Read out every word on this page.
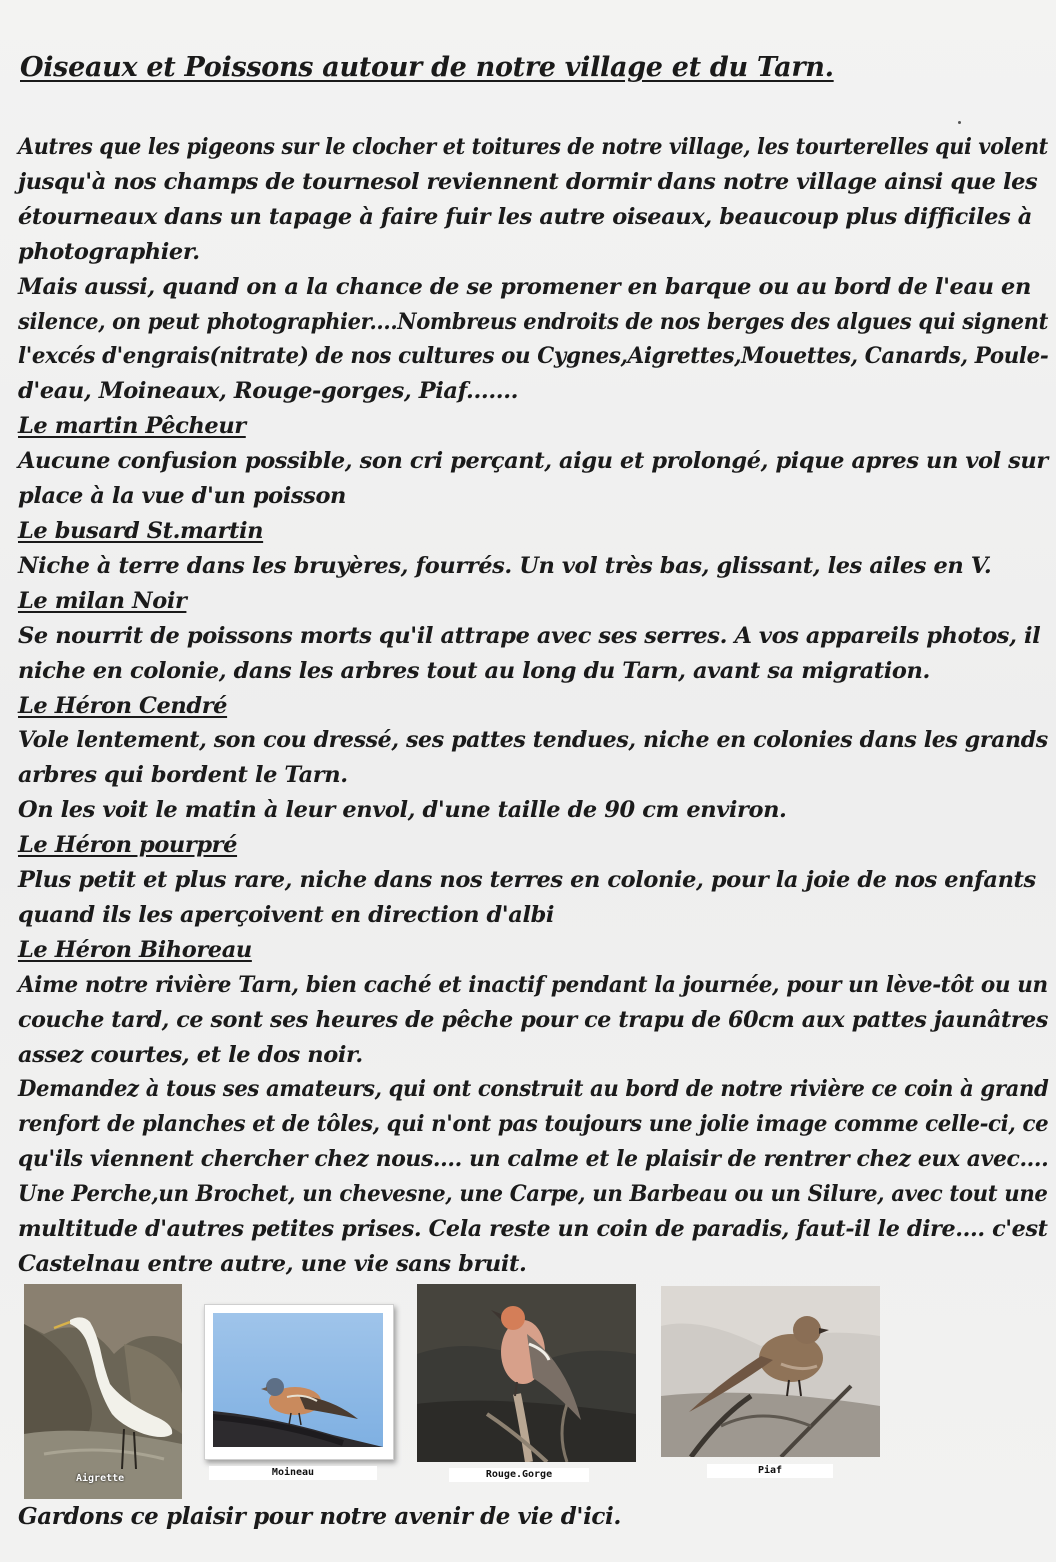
Oiseaux et Poissons autour de notre village et du Tarn.
Autres que les pigeons sur le clocher et toitures de notre village, les tourterelles qui volent
jusqu'à nos champs de tournesol reviennent dormir dans notre village ainsi que les
étourneaux dans un tapage à faire fuir les autre oiseaux, beaucoup plus difficiles à
photographier.
Mais aussi, quand on a la chance de se promener en barque ou au bord de l'eau en
silence, on peut photographier....Nombreus endroits de nos berges des algues qui signent
l'excés d'engrais(nitrate) de nos cultures ou Cygnes,Aigrettes,Mouettes, Canards, Poule-
d'eau, Moineaux, Rouge-gorges, Piaf.......
Le martin Pêcheur
Aucune confusion possible, son cri perçant, aigu et prolongé, pique apres un vol sur
place à la vue d'un poisson
Le busard St.martin
Niche à terre dans les bruyères, fourrés. Un vol très bas, glissant, les ailes en V.
Le milan Noir
Se nourrit de poissons morts qu'il attrape avec ses serres. A vos appareils photos, il
niche en colonie, dans les arbres tout au long du Tarn, avant sa migration.
Le Héron Cendré
Vole lentement, son cou dressé, ses pattes tendues, niche en colonies dans les grands
arbres qui bordent le Tarn.
On les voit le matin à leur envol, d'une taille de 90 cm environ.
Le Héron pourpré
Plus petit et plus rare, niche dans nos terres en colonie, pour la joie de nos enfants
quand ils les aperçoivent en direction d'albi
Le Héron Bihoreau
Aime notre rivière Tarn, bien caché et inactif pendant la journée, pour un lève-tôt ou un
couche tard, ce sont ses heures de pêche pour ce trapu de 60cm aux pattes jaunâtres
assez courtes, et le dos noir.
Demandez à tous ses amateurs, qui ont construit au bord de notre rivière ce coin à grand
renfort de planches et de tôles, qui n'ont pas toujours une jolie image comme celle-ci, ce
qu'ils viennent chercher chez nous.... un calme et le plaisir de rentrer chez eux avec....
Une Perche,un Brochet, un chevesne, une Carpe, un Barbeau ou un Silure, avec tout une
multitude d'autres petites prises. Cela reste un coin de paradis, faut-il le dire.... c'est
Castelnau entre autre, une vie sans bruit.
Aigrette
Moineau	Rouge.Gorge	Piaf
Gardons ce plaisir pour notre avenir de vie d'ici.
